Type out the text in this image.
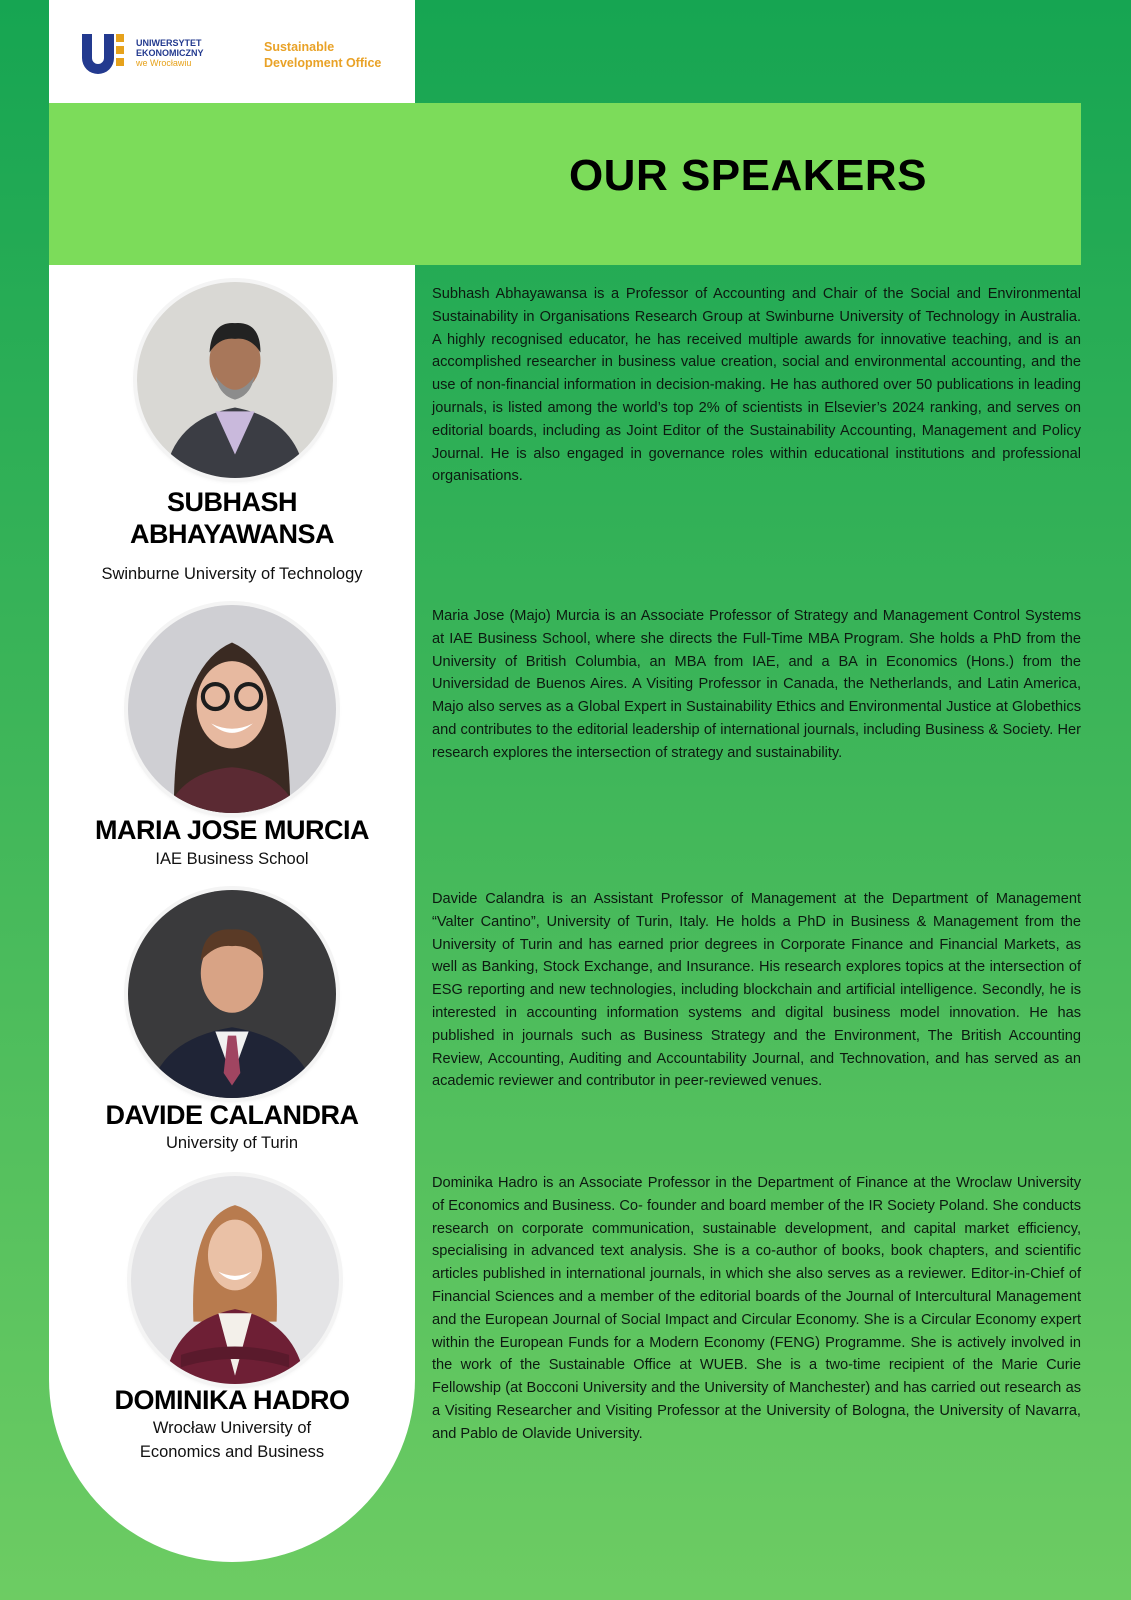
UNIWERSYTET
EKONOMICZNY
we Wrocławiu
Sustainable
Development Office
OUR SPEAKERS
SUBHASH
ABHAYAWANSA
Swinburne University of Technology

Subhash Abhayawansa is a Professor of Accounting and Chair of the Social and Environmental Sustainability in Organisations Research Group at Swinburne University of Technology in Australia. A highly recognised educator, he has received multiple awards for innovative teaching, and is an accomplished researcher in business value creation, social and environmental accounting, and the use of non-financial information in decision-making. He has authored over 50 publications in leading journals, is listed among the world’s top 2% of scientists in Elsevier’s 2024 ranking, and serves on editorial boards, including as Joint Editor of the Sustainability Accounting, Management and Policy Journal. He is also engaged in governance roles within educational institutions and professional organisations.

MARIA JOSE MURCIA
IAE Business School

Maria Jose (Majo) Murcia is an Associate Professor of Strategy and Management Control Systems at IAE Business School, where she directs the Full-Time MBA Program. She holds a PhD from the University of British Columbia, an MBA from IAE, and a BA in Economics (Hons.) from the Universidad de Buenos Aires. A Visiting Professor in Canada, the Netherlands, and Latin America, Majo also serves as a Global Expert in Sustainability Ethics and Environmental Justice at Globethics and contributes to the editorial leadership of international journals, including Business & Society. Her research explores the intersection of strategy and sustainability.

DAVIDE CALANDRA
University of Turin

Davide Calandra is an Assistant Professor of Management at the Department of Management “Valter Cantino”, University of Turin, Italy. He holds a PhD in Business & Management from the University of Turin and has earned prior degrees in Corporate Finance and Financial Markets, as well as Banking, Stock Exchange, and Insurance. His research explores topics at the intersection of ESG reporting and new technologies, including blockchain and artificial intelligence. Secondly, he is interested in accounting information systems and digital business model innovation. He has published in journals such as Business Strategy and the Environment, The British Accounting Review, Accounting, Auditing and Accountability Journal, and Technovation, and has served as an academic reviewer and contributor in peer-reviewed venues.

DOMINIKA HADRO
Wrocław University of
Economics and Business

Dominika Hadro is an Associate Professor in the Department of Finance at the Wroclaw University of Economics and Business. Co- founder and board member of the IR Society Poland. She conducts research on corporate communication, sustainable development, and capital market efficiency, specialising in advanced text analysis. She is a co-author of books, book chapters, and scientific articles published in international journals, in which she also serves as a reviewer. Editor-in-Chief of Financial Sciences and a member of the editorial boards of the Journal of Intercultural Management and the European Journal of Social Impact and Circular Economy. She is a Circular Economy expert within the European Funds for a Modern Economy (FENG) Programme. She is actively involved in the work of the Sustainable Office at WUEB. She is a two-time recipient of the Marie Curie Fellowship (at Bocconi University and the University of Manchester) and has carried out research as a Visiting Researcher and Visiting Professor at the University of Bologna, the University of Navarra, and Pablo de Olavide University.
